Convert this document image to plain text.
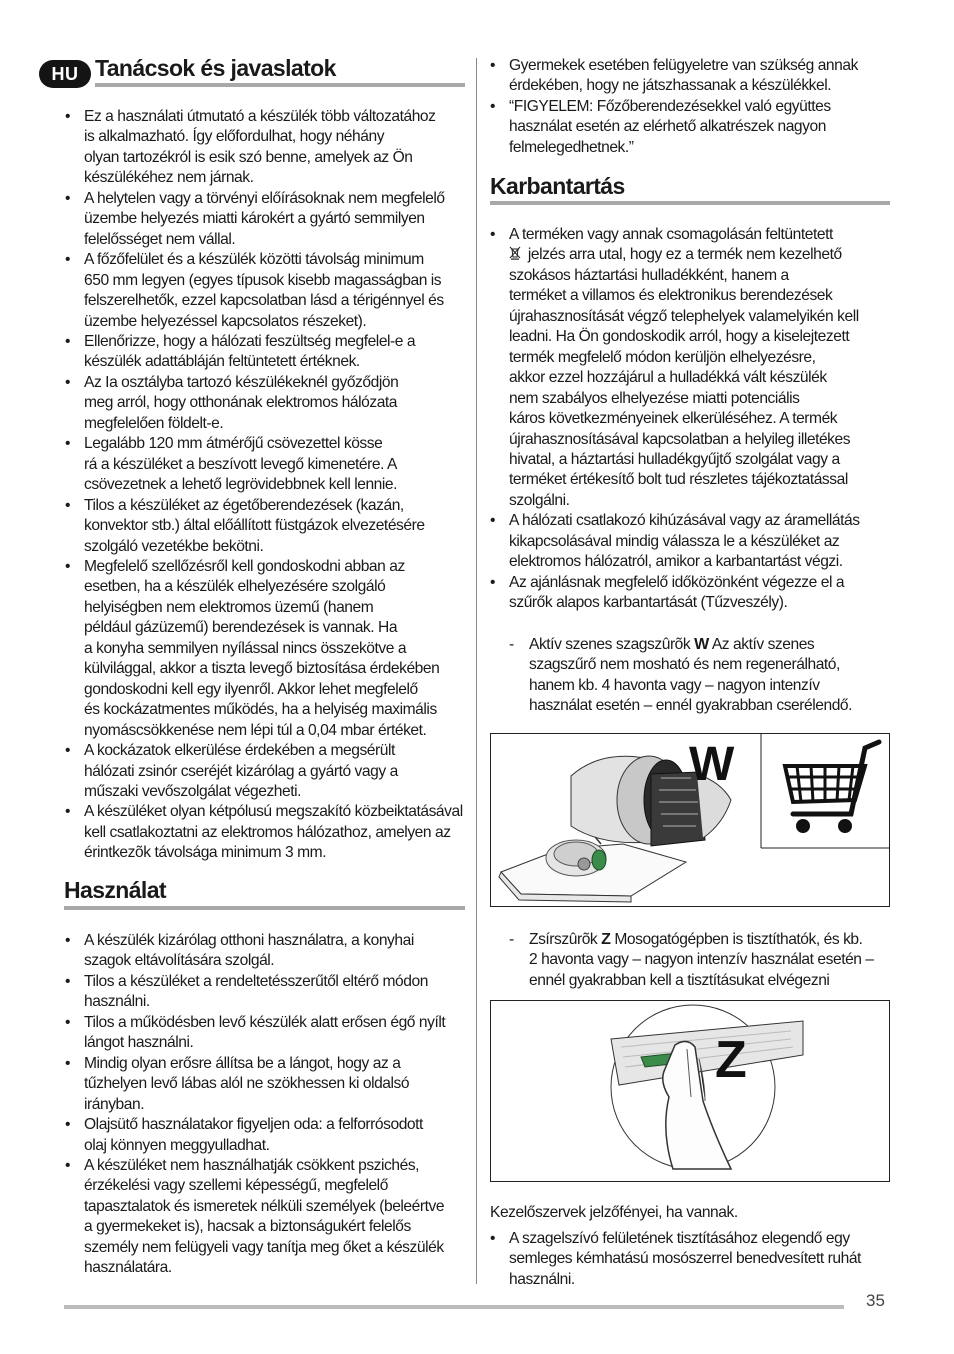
HU Tanácsok és javaslatok
• Ez a használati útmutató a készülék több változatához
is alkalmazható. Így előfordulhat, hogy néhány
olyan tartozékról is esik szó benne, amelyek az Ön
készülékéhez nem járnak.
• A helytelen vagy a törvényi előírásoknak nem megfelelő
üzembe helyezés miatti károkért a gyártó semmilyen
felelősséget nem vállal.
• A főzőfelület és a készülék közötti távolság minimum
650 mm legyen (egyes típusok kisebb magasságban is
felszerelhetők, ezzel kapcsolatban lásd a térigénnyel és
üzembe helyezéssel kapcsolatos részeket).
• Ellenőrizze, hogy a hálózati feszültség megfelel-e a
készülék adattábláján feltüntetett értéknek.
• Az Ia osztályba tartozó készülékeknél győződjön
meg arról, hogy otthonának elektromos hálózata
megfelelően földelt-e.
• Legalább 120 mm átmérőjű csövezettel kösse
rá a készüléket a beszívott levegő kimenetére. A
csövezetnek a lehető legrövidebbnek kell lennie.
• Tilos a készüléket az égetőberendezések (kazán,
konvektor stb.) által előállított füstgázok elvezetésére
szolgáló vezetékbe bekötni.
• Megfelelő szellőzésről kell gondoskodni abban az
esetben, ha a készülék elhelyezésére szolgáló
helyiségben nem elektromos üzemű (hanem
például gázüzemű) berendezések is vannak. Ha
a konyha semmilyen nyílással nincs összekötve a
külvilággal, akkor a tiszta levegő biztosítása érdekében
gondoskodni kell egy ilyenről. Akkor lehet megfelelő
és kockázatmentes működés, ha a helyiség maximális
nyomáscsökkenése nem lépi túl a 0,04 mbar értéket.
• A kockázatok elkerülése érdekében a megsérült
hálózati zsinór cseréjét kizárólag a gyártó vagy a
műszaki vevőszolgálat végezheti.
• A készüléket olyan kétpólusú megszakító közbeiktatásával
kell csatlakoztatni az elektromos hálózathoz, amelyen az
érintkezõk távolsága minimum 3 mm.
Használat
• A készülék kizárólag otthoni használatra, a konyhai
szagok eltávolítására szolgál.
• Tilos a készüléket a rendeltetésszerűtől eltérő módon
használni.
• Tilos a működésben levő készülék alatt erősen égő nyílt
lángot használni.
• Mindig olyan erősre állítsa be a lángot, hogy az a
tűzhelyen levő lábas alól ne szökhessen ki oldalsó
irányban.
• Olajsütő használatakor figyeljen oda: a felforrósodott
olaj könnyen meggyulladhat.
• A készüléket nem használhatják csökkent pszichés,
érzékelési vagy szellemi képességű, megfelelő
tapasztalatok és ismeretek nélküli személyek (beleértve
a gyermekeket is), hacsak a biztonságukért felelős
személy nem felügyeli vagy tanítja meg őket a készülék
használatára.
• Gyermekek esetében felügyeletre van szükség annak
érdekében, hogy ne játszhassanak a készülékkel.
• “FIGYELEM: Főzőberendezésekkel való együttes
használat esetén az elérhető alkatrészek nagyon
felmelegedhetnek.”
Karbantartás
• A terméken vagy annak csomagolásán feltüntetett
jelzés arra utal, hogy ez a termék nem kezelhető
szokásos háztartási hulladékként, hanem a
terméket a villamos és elektronikus berendezések
újrahasznosítását végző telephelyek valamelyikén kell
leadni. Ha Ön gondoskodik arról, hogy a kiselejtezett
termék megfelelő módon kerüljön elhelyezésre,
akkor ezzel hozzájárul a hulladékká vált készülék
nem szabályos elhelyezése miatti potenciális
káros következményeinek elkerüléséhez. A termék
újrahasznosításával kapcsolatban a helyileg illetékes
hivatal, a háztartási hulladékgyűjtő szolgálat vagy a
terméket értékesítő bolt tud részletes tájékoztatással
szolgálni.
• A hálózati csatlakozó kihúzásával vagy az áramellátás
kikapcsolásával mindig válassza le a készüléket az
elektromos hálózatról, amikor a karbantartást végzi.
• Az ajánlásnak megfelelő időközönként végezze el a
szűrők alapos karbantartását (Tűzveszély).
- Aktív szenes szagszûrõk W Az aktív szenes
szagszűrő nem mosható és nem regenerálható,
hanem kb. 4 havonta vagy – nagyon intenzív
használat esetén – ennél gyakrabban cserélendő.
W
- Zsírszûrõk Z Mosogatógépben is tisztíthatók, és kb.
2 havonta vagy – nagyon intenzív használat esetén –
ennél gyakrabban kell a tisztításukat elvégezni
Z
Kezelőszervek jelzőfényei, ha vannak.
• A szagelszívó felületének tisztításához elegendő egy
semleges kémhatású mosószerrel benedvesített ruhát
használni.
35
